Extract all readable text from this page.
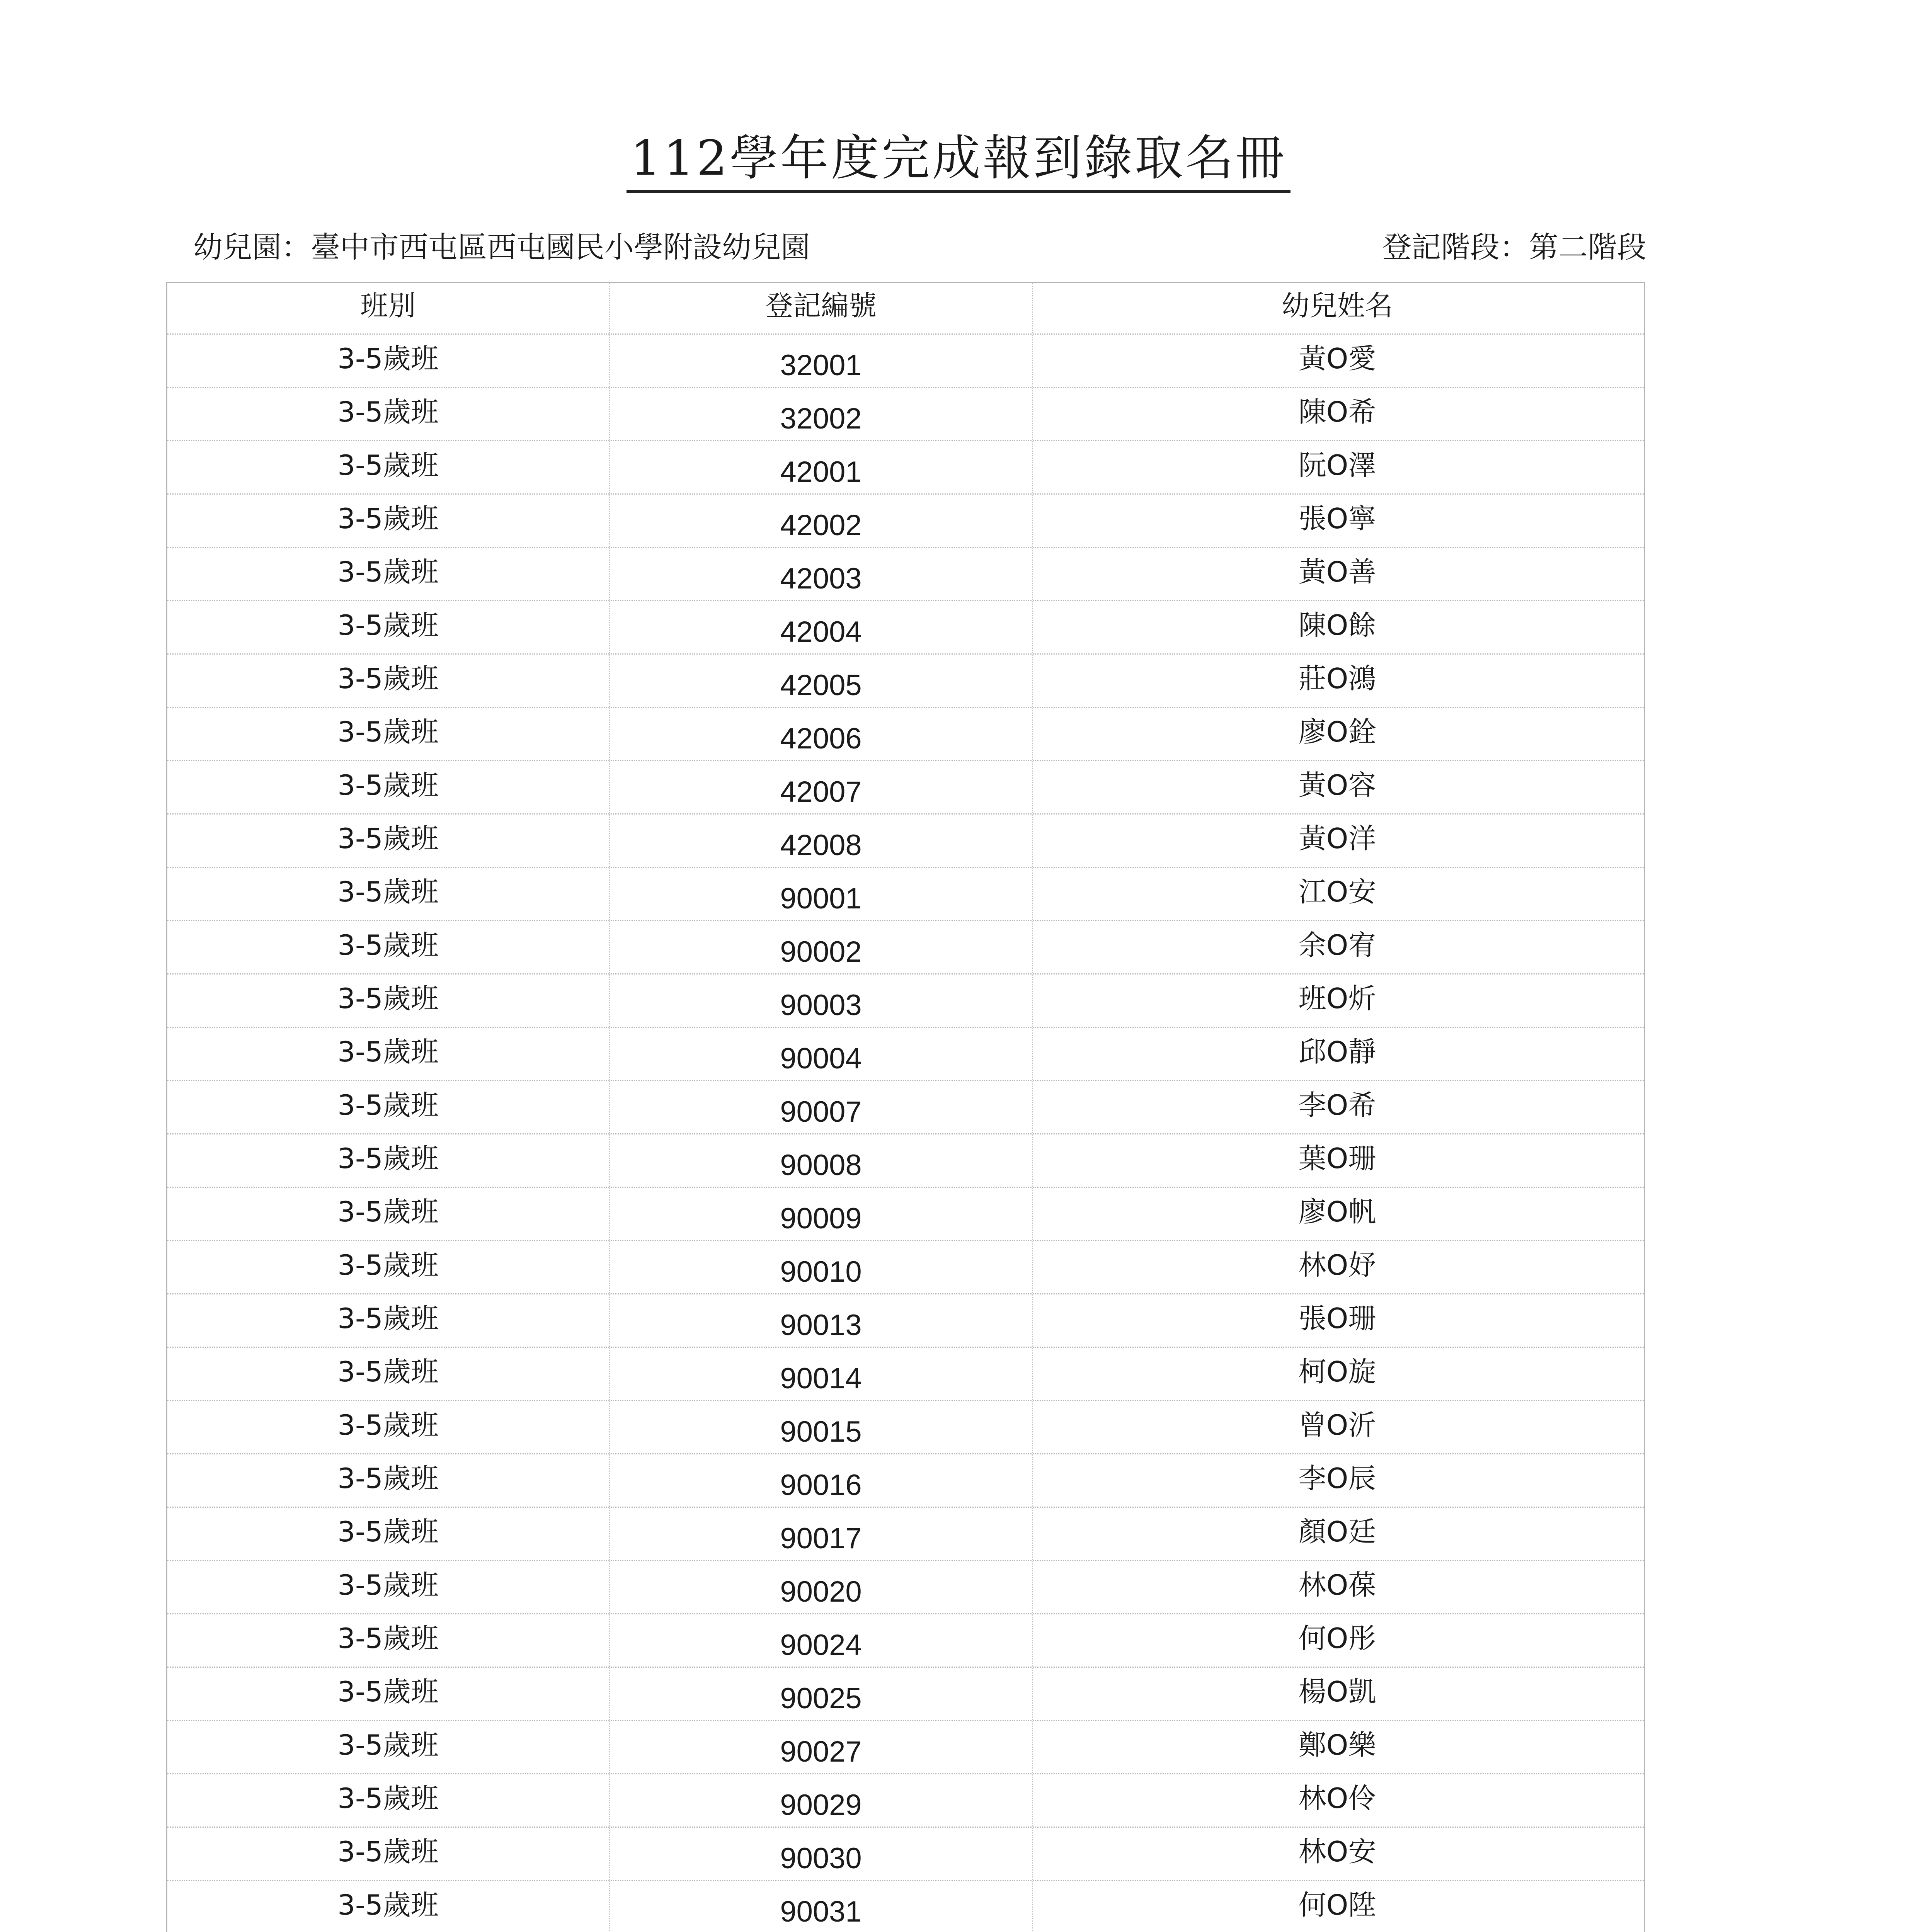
112學年度完成報到錄取名冊
幼兒園：臺中市西屯區西屯國民小學附設幼兒園	登記階段：第二階段
班別	登記編號	幼兒姓名
3-5歲班	32001	黃O愛
3-5歲班	32002	陳O希
3-5歲班	42001	阮O澤
3-5歲班	42002	張O寧
3-5歲班	42003	黃O善
3-5歲班	42004	陳O餘
3-5歲班	42005	莊O鴻
3-5歲班	42006	廖O銓
3-5歲班	42007	黃O容
3-5歲班	42008	黃O洋
3-5歲班	90001	江O安
3-5歲班	90002	余O宥
3-5歲班	90003	班O炘
3-5歲班	90004	邱O靜
3-5歲班	90007	李O希
3-5歲班	90008	葉O珊
3-5歲班	90009	廖O帆
3-5歲班	90010	林O妤
3-5歲班	90013	張O珊
3-5歲班	90014	柯O旋
3-5歲班	90015	曾O沂
3-5歲班	90016	李O辰
3-5歲班	90017	顏O廷
3-5歲班	90020	林O葆
3-5歲班	90024	何O彤
3-5歲班	90025	楊O凱
3-5歲班	90027	鄭O樂
3-5歲班	90029	林O伶
3-5歲班	90030	林O安
3-5歲班	90031	何O陞
